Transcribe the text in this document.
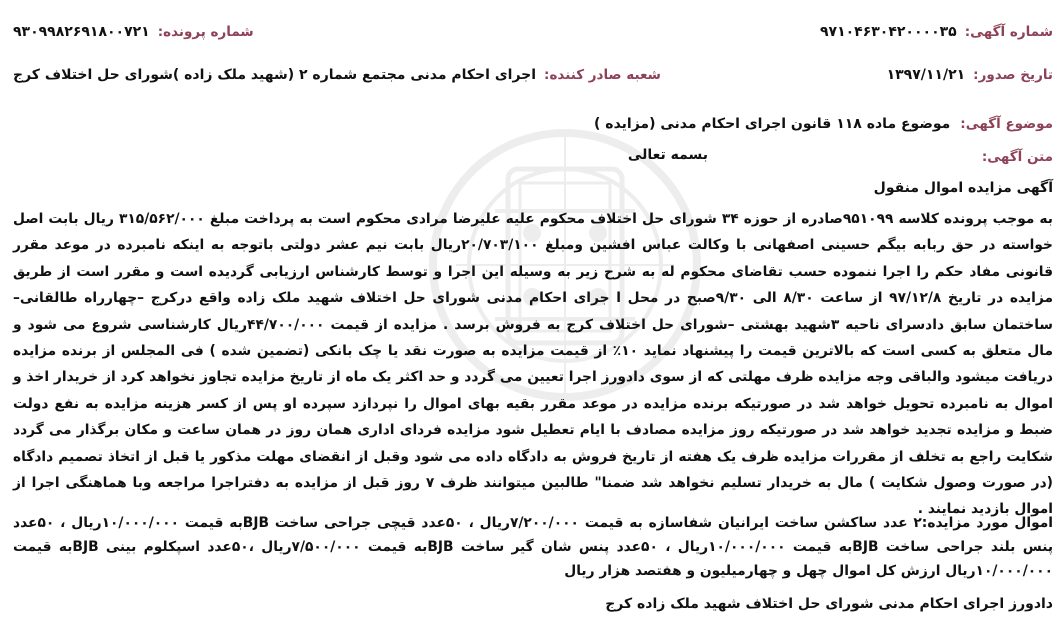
شماره آگهی:
۹۷۱۰۴۶۳۰۴۲۰۰۰۰۳۵
شماره پرونده:
۹۳۰۹۹۸۲۶۹۱۸۰۰۷۲۱
تاریخ صدور:
۱۳۹۷/۱۱/۲۱
شعبه صادر کننده:
اجرای احکام مدنی مجتمع شماره ۲ (شهید ملک زاده )شورای حل اختلاف کرج
موضوع آگهی:
موضوع ماده ۱۱۸ قانون اجرای احکام مدنی (مزایده )
متن آگهی:
بسمه تعالی
آگهی مزایده اموال منقول

به موجب پرونده کلاسه ۹۵۱۰۹۹صادره از حوزه ۳۴ شورای حل اختلاف محکوم علیه علیرضا مرادی محکوم است به پرداخت مبلغ ۳۱۵/۵۶۲/۰۰۰ ریال بابت اصل خواسته در حق ربابه بیگم حسینی اصفهانی با وکالت عباس افشین ومبلغ ۲۰/۷۰۳/۱۰۰ریال بابت نیم عشر دولتی باتوجه به اینکه نامبرده در موعد مقرر قانونی مفاد حکم را اجرا ننموده حسب تقاضای محکوم له به شرح زیر به وسیله این اجرا و توسط کارشناس ارزیابی گردیده است و مقرر است از طریق مزایده در تاریخ ۹۷/۱۲/۸ از ساعت ۸/۳۰ الی ۹/۳۰صبح در محل ا جرای احکام مدنی شورای حل اختلاف شهید ملک زاده واقع درکرج –چهارراه طالقانی–ساختمان سابق دادسرای ناحیه ۳شهید بهشتی –شورای حل اختلاف کرج به فروش برسد . مزایده از قیمت ۴۴/۷۰۰/۰۰۰ریال کارشناسی شروع می شود و مال متعلق به کسی است که بالاترین قیمت را پیشنهاد نماید ۱۰٪ از قیمت مزایده به صورت نقد یا چک بانکی (تضمین شده ) فی المجلس از برنده مزایده دریافت میشود والباقی وجه مزایده ظرف مهلتی که از سوی دادورز اجرا تعیین می گردد و حد اکثر یک ماه از تاریخ مزایده تجاوز نخواهد کرد از خریدار اخذ و اموال به نامبرده تحویل خواهد شد در صورتیکه برنده مزایده در موعد مقرر بقیه بهای اموال را نپردازد سپرده او پس از کسر هزینه مزایده به نفع دولت ضبط و مزایده تجدید خواهد شد در صورتیکه روز مزایده مصادف با ایام تعطیل شود مزایده فردای اداری همان روز در همان ساعت و مکان برگذار می گردد شکایت راجع به تخلف از مقررات مزایده ظرف یک هفته از تاریخ فروش به دادگاه داده می شود وقبل از انقضای مهلت مذکور یا قبل از اتخاذ تصمیم دادگاه (در صورت وصول شکایت ) مال به خریدار تسلیم نخواهد شد ضمنا" طالبین میتوانند ظرف ۷ روز قبل از مزایده به دفتراجرا مراجعه وبا هماهنگی اجرا از اموال بازدید نمایند .

اموال مورد مزایده:۲ عدد ساکشن ساخت ایرانیان شفاسازه به قیمت ۷/۲۰۰/۰۰۰ریال ، ۵۰عدد قیچی جراحی ساخت BJBبه قیمت ۱۰/۰۰۰/۰۰۰ریال ، ۵۰عدد پنس بلند جراحی ساخت BJBبه قیمت ۱۰/۰۰۰/۰۰۰ریال ، ۵۰عدد پنس شان گیر ساخت BJBبه قیمت ۷/۵۰۰/۰۰۰ریال ،۵۰عدد اسپکلوم بینی BJBبه قیمت ۱۰/۰۰۰/۰۰۰ریال ارزش کل اموال چهل و چهارمیلیون و هفتصد هزار ریال

دادورز اجرای احکام مدنی شورای حل اختلاف شهید ملک زاده کرج
